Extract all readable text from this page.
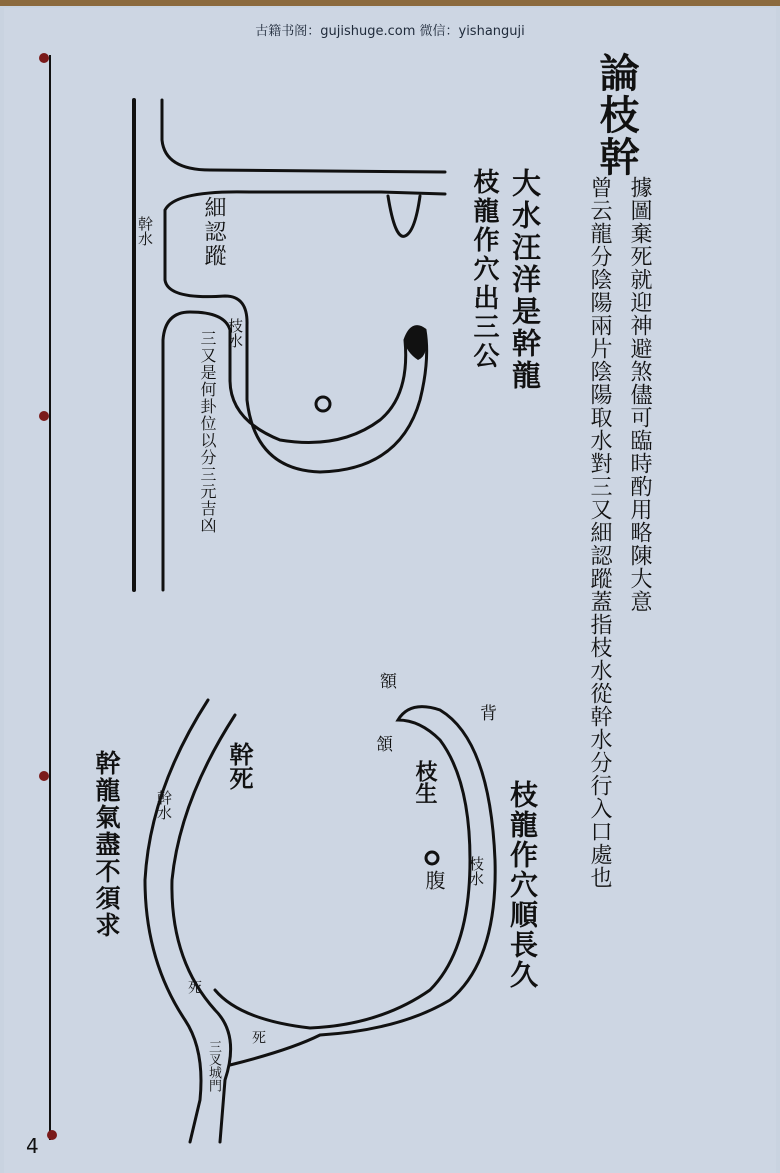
古籍书阁：gujishuge.com 微信：yishanguji
論枝幹
據圖棄死就迎神避煞儘可臨時酌用略陳大意
曾云龍分陰陽兩片陰陽取水對三又細認蹤蓋指枝水從幹水分行入口處也
大水汪洋是幹龍
枝龍作穴出三公
細認蹤
枝水
幹水
三又是何卦位以分三元吉凶
幹死
幹水
額
頷
背
枝生
腹 枝水
死
死
三叉城門
幹龍氣盡不須求	枝龍作穴順長久
4
